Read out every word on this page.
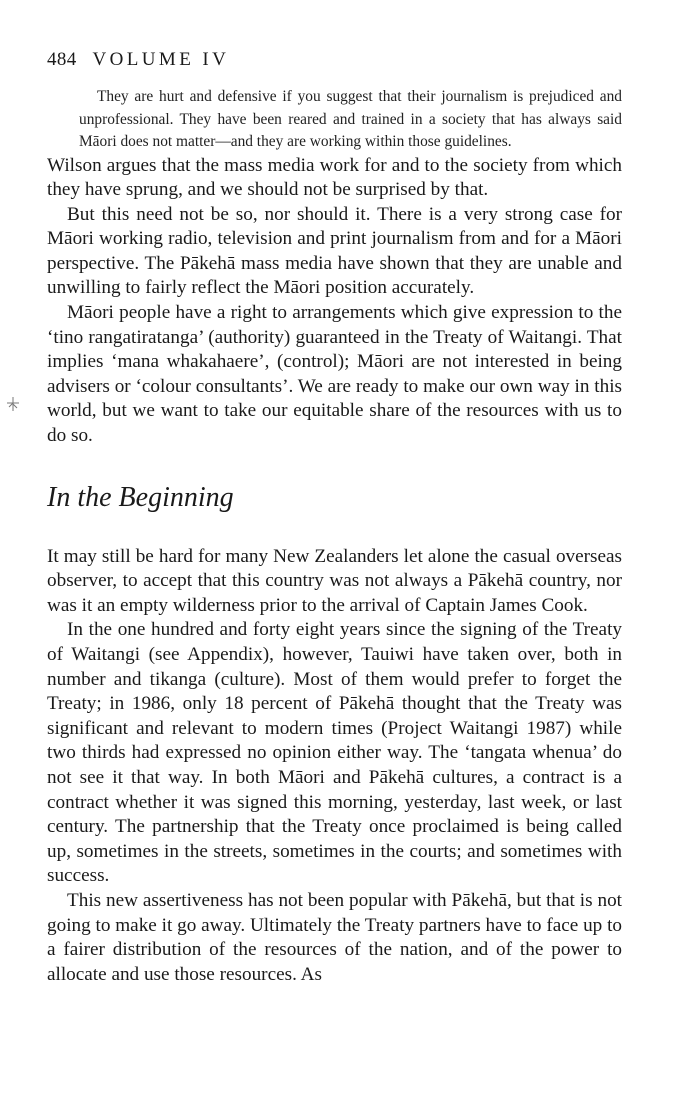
484 VOLUME IV

They are hurt and defensive if you suggest that their journalism is prejudiced and unprofessional. They have been reared and trained in a society that has always said Māori does not matter—and they are working within those guidelines.

Wilson argues that the mass media work for and to the society from which they have sprung, and we should not be surprised by that.

But this need not be so, nor should it. There is a very strong case for Māori working radio, television and print journalism from and for a Māori perspective. The Pākehā mass media have shown that they are unable and unwilling to fairly reflect the Māori position accurately.

Māori people have a right to arrangements which give expression to the ‘tino rangatiratanga’ (authority) guaranteed in the Treaty of Waitangi. That implies ‘mana whakahaere’, (control); Māori are not interested in being advisers or ‘colour consultants’. We are ready to make our own way in this world, but we want to take our equitable share of the resources with us to do so.

In the Beginning

It may still be hard for many New Zealanders let alone the casual overseas observer, to accept that this country was not always a Pākehā country, nor was it an empty wilderness prior to the arrival of Captain James Cook.

In the one hundred and forty eight years since the signing of the Treaty of Waitangi (see Appendix), however, Tauiwi have taken over, both in number and tikanga (culture). Most of them would prefer to forget the Treaty; in 1986, only 18 percent of Pākehā thought that the Treaty was significant and relevant to modern times (Project Waitangi 1987) while two thirds had expressed no opinion either way. The ‘tangata whenua’ do not see it that way. In both Māori and Pākehā cultures, a contract is a contract whether it was signed this morning, yesterday, last week, or last century. The partnership that the Treaty once proclaimed is being called up, sometimes in the streets, sometimes in the courts; and sometimes with success.

This new assertiveness has not been popular with Pākehā, but that is not going to make it go away. Ultimately the Treaty partners have to face up to a fairer distribution of the resources of the nation, and of the power to allocate and use those resources. As
